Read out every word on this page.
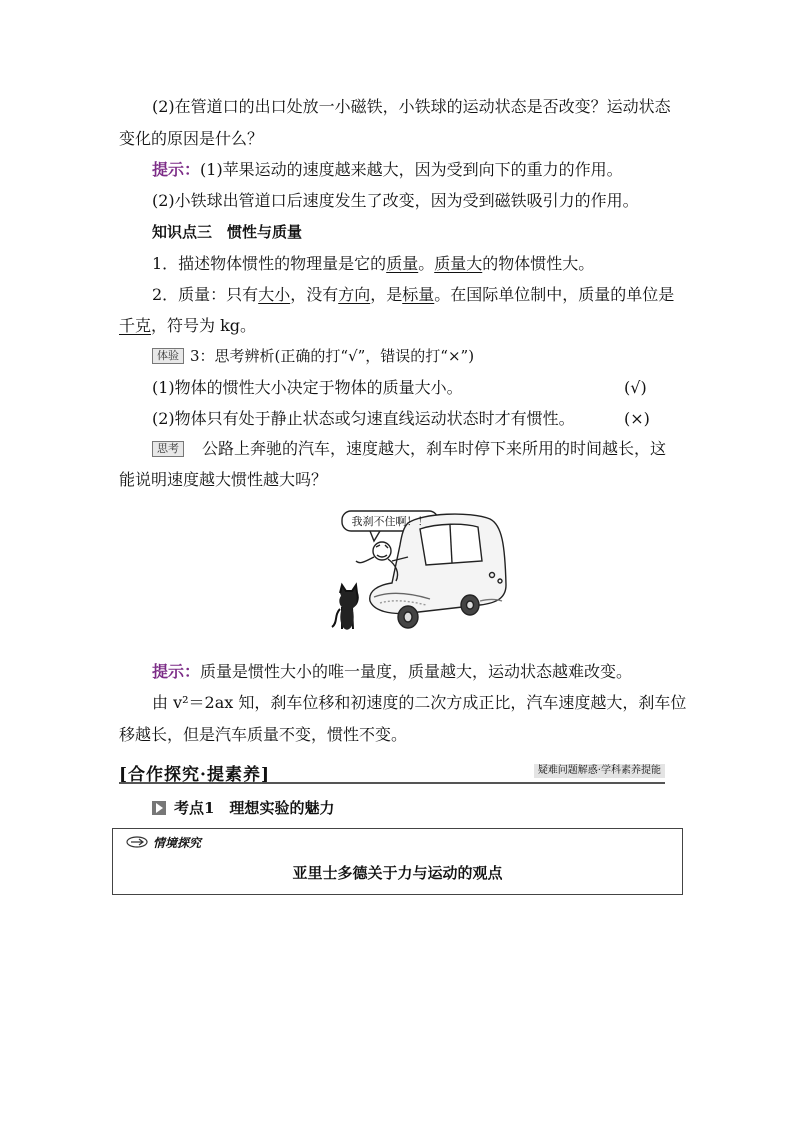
(2)在管道口的出口处放一小磁铁，小铁球的运动状态是否改变？运动状态
变化的原因是什么？
提示：(1)苹果运动的速度越来越大，因为受到向下的重力的作用。
(2)小铁球出管道口后速度发生了改变，因为受到磁铁吸引力的作用。
知识点三　惯性与质量
1．描述物体惯性的物理量是它的质量。质量大的物体惯性大。
2．质量：只有大小，没有方向，是标量。在国际单位制中，质量的单位是
千克，符号为 kg。
体验 3：思考辨析(正确的打“√”，错误的打“×”)
(1)物体的惯性大小决定于物体的质量大小。	(√)
(2)物体只有处于静止状态或匀速直线运动状态时才有惯性。	(×)
思考 公路上奔驰的汽车，速度越大，刹车时停下来所用的时间越长，这
能说明速度越大惯性越大吗？
我刹不住啊！！
提示：质量是惯性大小的唯一量度，质量越大，运动状态越难改变。
由 v²＝2ax 知，刹车位移和初速度的二次方成正比，汽车速度越大，刹车位
移越长，但是汽车质量不变，惯性不变。
[合作探究·提素养]	疑难问题解惑·学科素养提能
考点1　理想实验的魅力
情境探究
亚里士多德关于力与运动的观点
